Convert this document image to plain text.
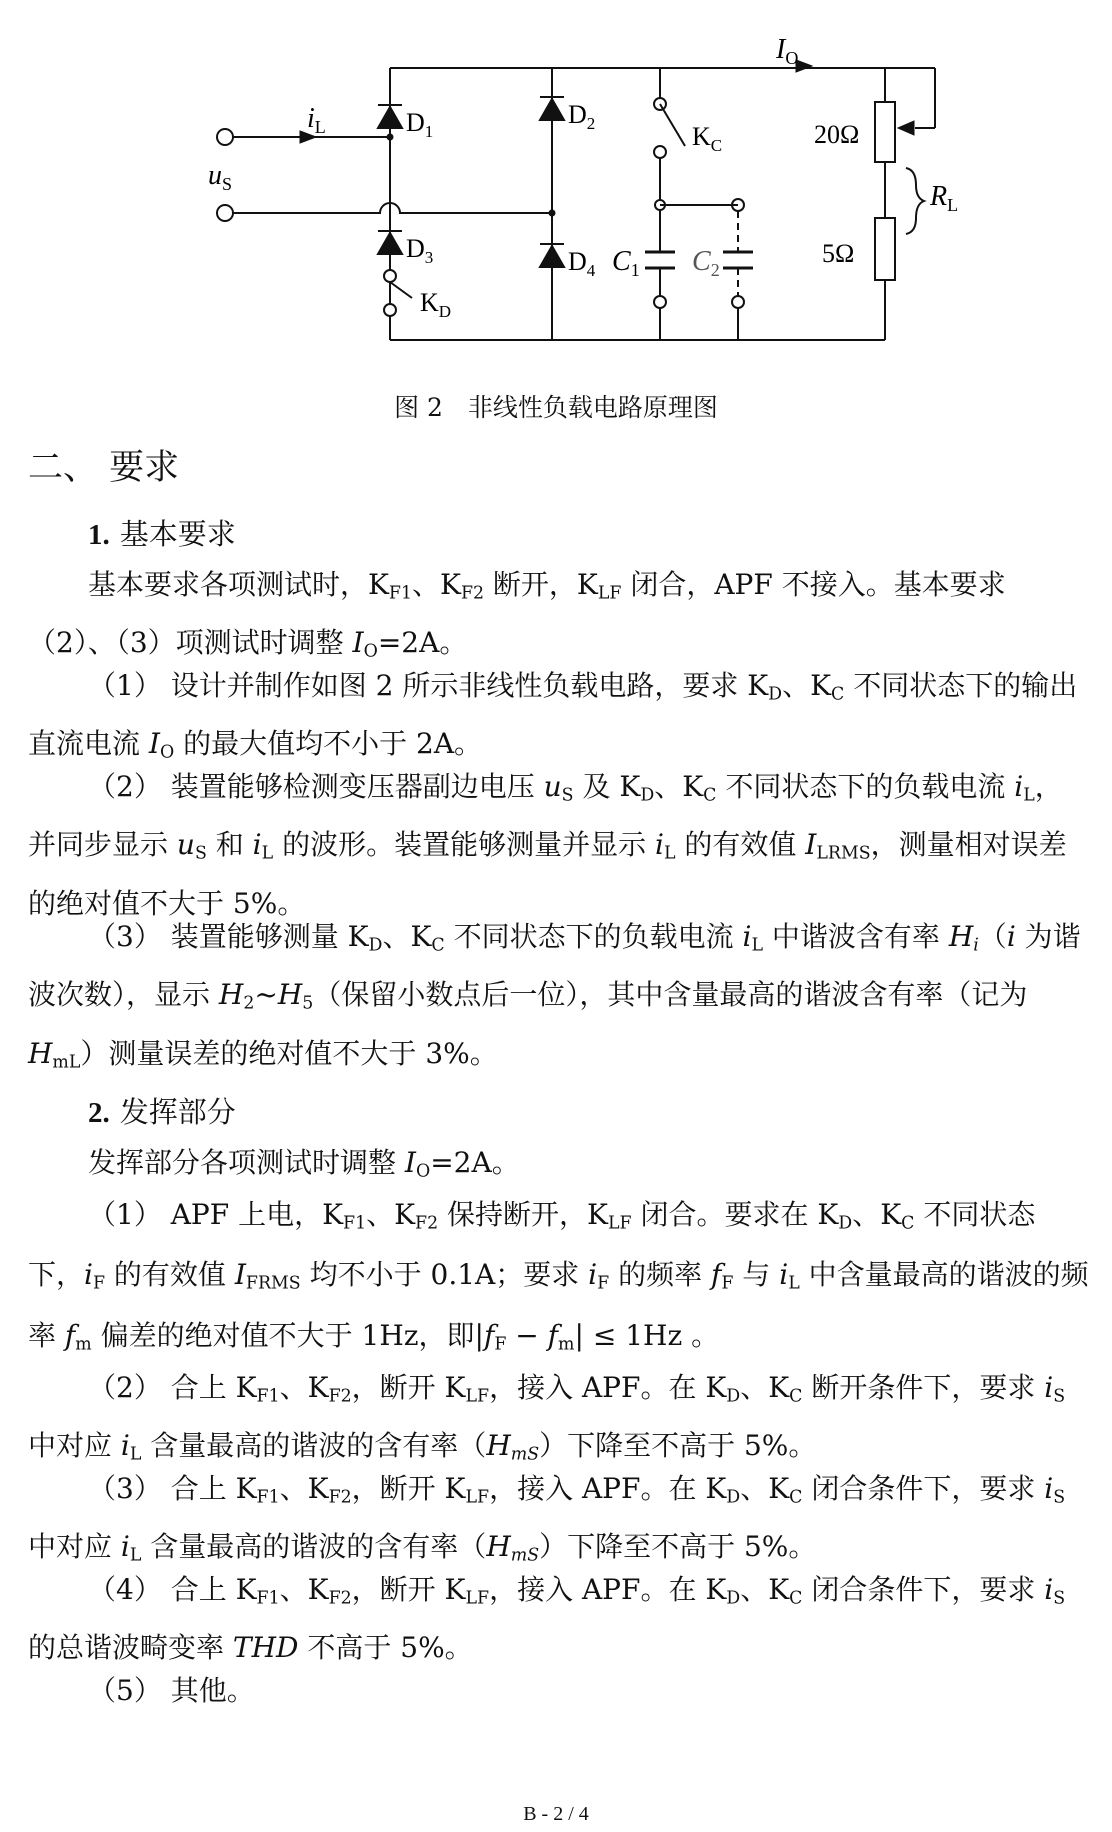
$I_O$
$i_L$
$u_S$
$D_1$
$D_2$
$D_3$	$D_4$
$K_C$
$K_D$
$C_1$ $C_2$
20Ω
5Ω
$R_L$
图 2　非线性负载电路原理图
二、 要求
1. 基本要求
基本要求各项测试时，$K_{F1}$、$K_{F2}$ 断开，$K_{LF}$ 闭合，APF 不接入。基本要求（2）、（3）项测试时调整 $I_O=2A$。
（1） 设计并制作如图 2 所示非线性负载电路，要求 $K_D$、$K_C$ 不同状态下的输出直流电流 $I_O$ 的最大值均不小于 2A。
（2） 装置能够检测变压器副边电压 $u_S$ 及 $K_D$、$K_C$ 不同状态下的负载电流 $i_L$，并同步显示 $u_S$ 和 $i_L$ 的波形。装置能够测量并显示 $i_L$ 的有效值 $I_{LRMS}$，测量相对误差的绝对值不大于 5%。
（3） 装置能够测量 $K_D$、$K_C$ 不同状态下的负载电流 $i_L$ 中谐波含有率 $H_i(i$ 为谐波次数），显示 $H_2\sim H_5$（保留小数点后一位），其中含量最高的谐波含有率（记为 $H_{mL}$）测量误差的绝对值不大于 3%。
2. 发挥部分
发挥部分各项测试时调整 $I_O=2A$。
（1） APF 上电，$K_{F1}$、$K_{F2}$ 保持断开，$K_{LF}$ 闭合。要求在 $K_D$、$K_C$ 不同状态下，$i_F$ 的有效值 $I_{FRMS}$ 均不小于 0.1A；要求 $i_F$ 的频率 $f_F$ 与 $i_L$ 中含量最高的谐波的频率 $f_m$ 偏差的绝对值不大于 1Hz，即$|f_F - f_m| \le 1Hz$ 。
（2） 合上 $K_{F1}$、$K_{F2}$，断开 $K_{LF}$，接入 APF。在 $K_D$、$K_C$ 断开条件下，要求 $i_S$ 中对应 $i_L$ 含量最高的谐波的含有率$(H_{mS})$下降至不高于 5%。
（3） 合上 $K_{F1}$、$K_{F2}$，断开 $K_{LF}$，接入 APF。在 $K_D$、$K_C$ 闭合条件下，要求 $i_S$ 中对应 $i_L$ 含量最高的谐波的含有率$(H_{mS})$下降至不高于 5%。
（4） 合上 $K_{F1}$、$K_{F2}$，断开 $K_{LF}$，接入 APF。在 $K_D$、$K_C$ 闭合条件下，要求 $i_S$ 的总谐波畸变率 THD 不高于 5%。
（5） 其他。
B - 2 / 4
